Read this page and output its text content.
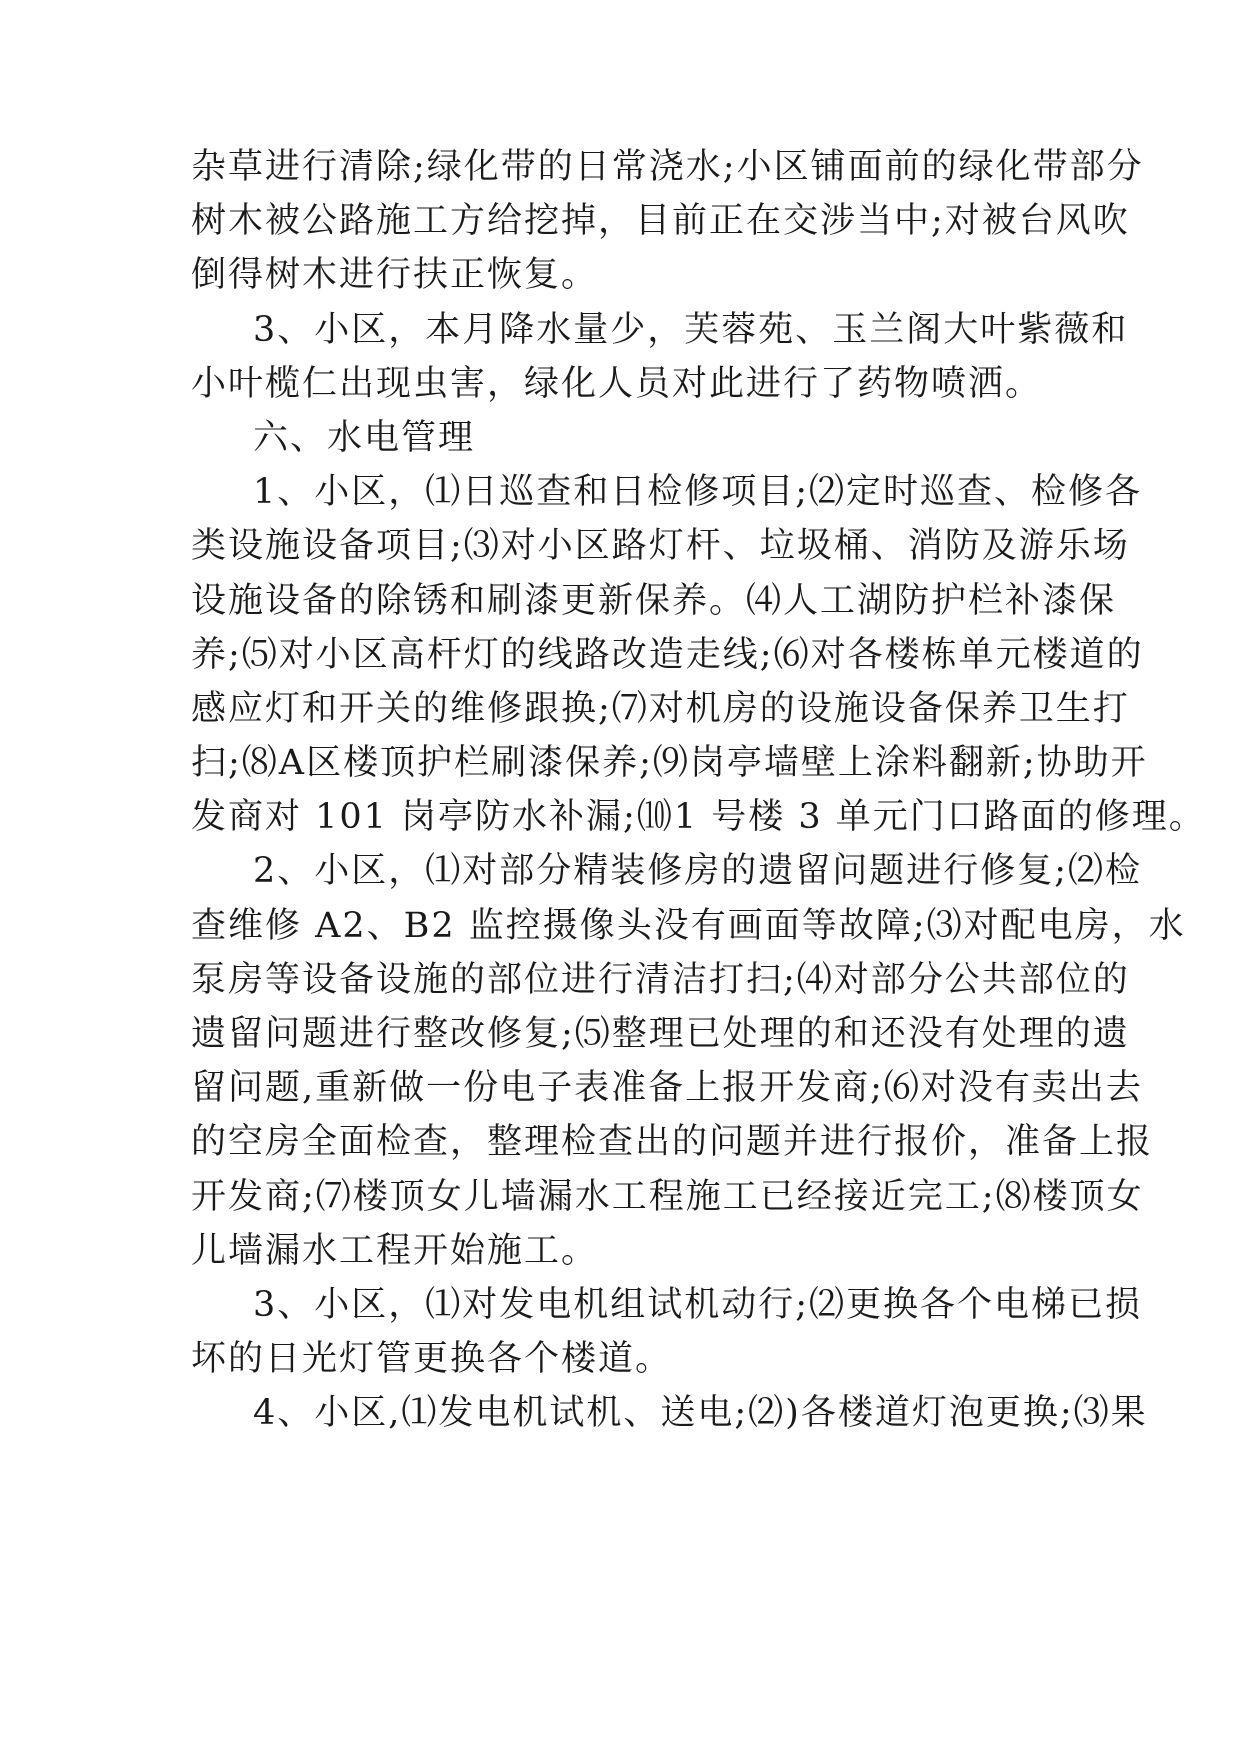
杂草进行清除;绿化带的日常浇水;小区铺面前的绿化带部分
树木被公路施工方给挖掉，目前正在交涉当中;对被台风吹
倒得树木进行扶正恢复。
3、小区，本月降水量少，芙蓉苑、玉兰阁大叶紫薇和
小叶榄仁出现虫害，绿化人员对此进行了药物喷洒。
六、水电管理
1、小区，⑴日巡查和日检修项目;⑵定时巡查、检修各
类设施设备项目;⑶对小区路灯杆、垃圾桶、消防及游乐场
设施设备的除锈和刷漆更新保养。⑷人工湖防护栏补漆保
养;⑸对小区高杆灯的线路改造走线;⑹对各楼栋单元楼道的
感应灯和开关的维修跟换;⑺对机房的设施设备保养卫生打
扫;⑻A区楼顶护栏刷漆保养;⑼岗亭墙壁上涂料翻新;协助开
发商对 101 岗亭防水补漏;⑽1 号楼 3 单元门口路面的修理。
2、小区，⑴对部分精装修房的遗留问题进行修复;⑵检
查维修 A2、B2 监控摄像头没有画面等故障;⑶对配电房，水
泵房等设备设施的部位进行清洁打扫;⑷对部分公共部位的
遗留问题进行整改修复;⑸整理已处理的和还没有处理的遗
留问题,重新做一份电子表准备上报开发商;⑹对没有卖出去
的空房全面检查，整理检查出的问题并进行报价，准备上报
开发商;⑺楼顶女儿墙漏水工程施工已经接近完工;⑻楼顶女
儿墙漏水工程开始施工。
3、小区，⑴对发电机组试机动行;⑵更换各个电梯已损
坏的日光灯管更换各个楼道。
4、小区,⑴发电机试机、送电;⑵)各楼道灯泡更换;⑶果
